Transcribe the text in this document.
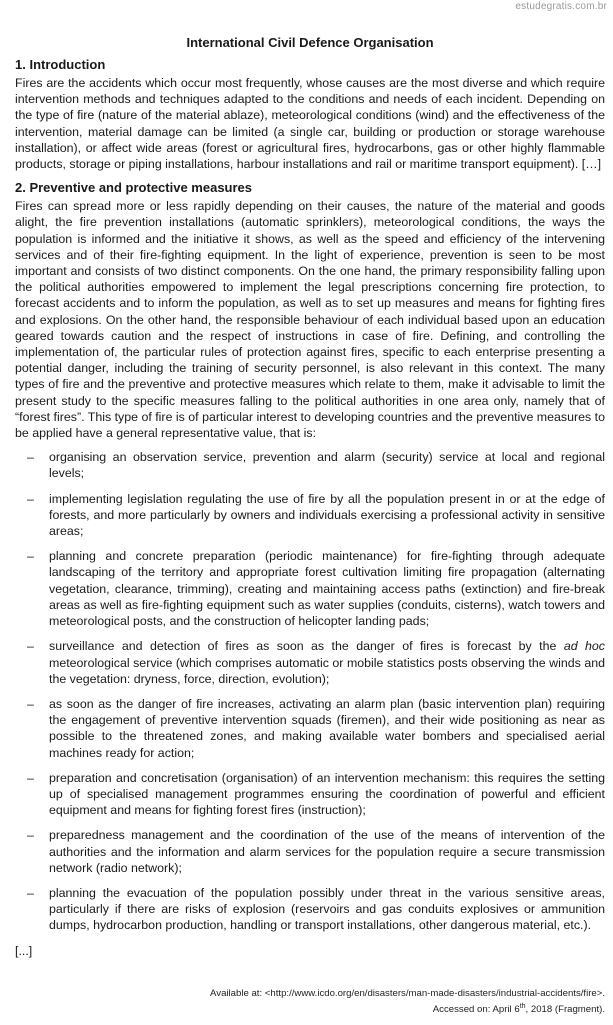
estudegratis.com.br
International Civil Defence Organisation
1. Introduction

Fires are the accidents which occur most frequently, whose causes are the most diverse and which require intervention methods and techniques adapted to the conditions and needs of each incident. Depending on the type of fire (nature of the material ablaze), meteorological conditions (wind) and the effectiveness of the intervention, material damage can be limited (a single car, building or production or storage warehouse installation), or affect wide areas (forest or agricultural fires, hydrocarbons, gas or other highly flammable products, storage or piping installations, harbour installations and rail or maritime transport equipment). […]

2. Preventive and protective measures

Fires can spread more or less rapidly depending on their causes, the nature of the material and goods alight, the fire prevention installations (automatic sprinklers), meteorological conditions, the ways the population is informed and the initiative it shows, as well as the speed and efficiency of the intervening services and of their fire-fighting equipment. In the light of experience, prevention is seen to be most important and consists of two distinct components. On the one hand, the primary responsibility falling upon the political authorities empowered to implement the legal prescriptions concerning fire protection, to forecast accidents and to inform the population, as well as to set up measures and means for fighting fires and explosions. On the other hand, the responsible behaviour of each individual based upon an education geared towards caution and the respect of instructions in case of fire. Defining, and controlling the implementation of, the particular rules of protection against fires, specific to each enterprise presenting a potential danger, including the training of security personnel, is also relevant in this context. The many types of fire and the preventive and protective measures which relate to them, make it advisable to limit the present study to the specific measures falling to the political authorities in one area only, namely that of “forest fires”. This type of fire is of particular interest to developing countries and the preventive measures to be applied have a general representative value, that is:

–	organising an observation service, prevention and alarm (security) service at local and regional levels;
–	implementing legislation regulating the use of fire by all the population present in or at the edge of forests, and more particularly by owners and individuals exercising a professional activity in sensitive areas;
–	planning and concrete preparation (periodic maintenance) for fire-fighting through adequate landscaping of the territory and appropriate forest cultivation limiting fire propagation (alternating vegetation, clearance, trimming), creating and maintaining access paths (extinction) and fire-break areas as well as fire-fighting equipment such as water supplies (conduits, cisterns), watch towers and meteorological posts, and the construction of helicopter landing pads;
–	surveillance and detection of fires as soon as the danger of fires is forecast by the ad hoc meteorological service (which comprises automatic or mobile statistics posts observing the winds and the vegetation: dryness, force, direction, evolution);
–	as soon as the danger of fire increases, activating an alarm plan (basic intervention plan) requiring the engagement of preventive intervention squads (firemen), and their wide positioning as near as possible to the threatened zones, and making available water bombers and specialised aerial machines ready for action;
–	preparation and concretisation (organisation) of an intervention mechanism: this requires the setting up of specialised management programmes ensuring the coordination of powerful and efficient equipment and means for fighting forest fires (instruction);
–	preparedness management and the coordination of the use of the means of intervention of the authorities and the information and alarm services for the population require a secure transmission network (radio network);
–	planning the evacuation of the population possibly under threat in the various sensitive areas, particularly if there are risks of explosion (reservoirs and gas conduits explosives or ammunition dumps, hydrocarbon production, handling or transport installations, other dangerous material, etc.).
[...]
Available at: <http://www.icdo.org/en/disasters/man-made-disasters/industrial-accidents/fire>.
Accessed on: April 6th, 2018 (Fragment).
